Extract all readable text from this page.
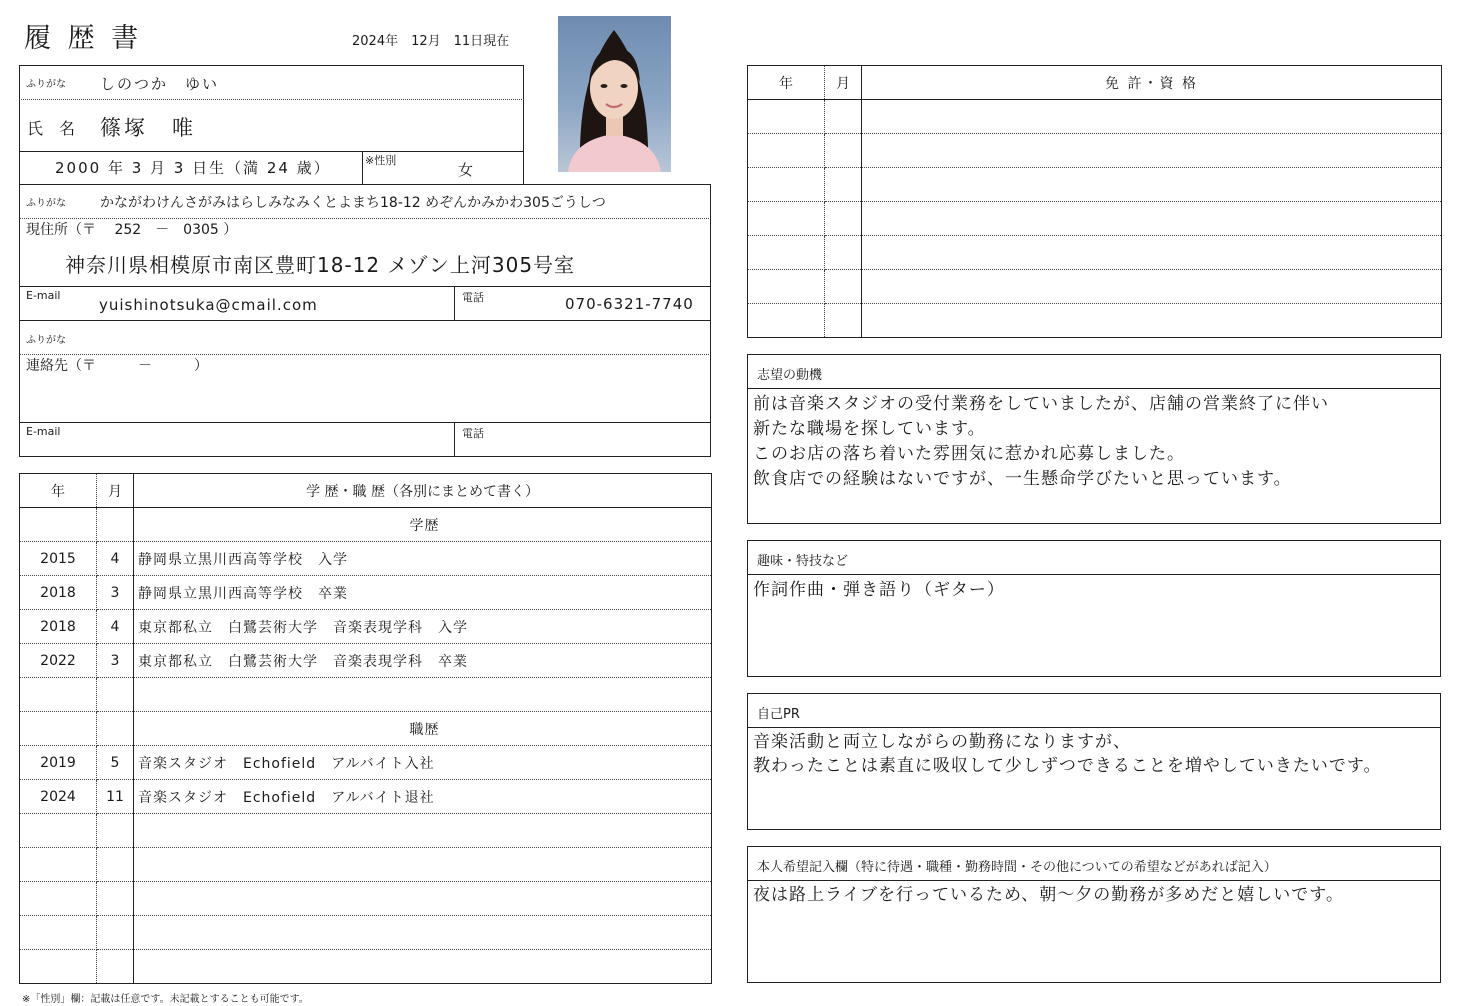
履 歴 書	2024年　12月　11日現在
ふりがな しのつか　ゆい
氏　名 篠塚　唯
2000 年 3 月 3 日生（満 24 歳）	※性別
女
ふりがな かながわけんさがみはらしみなみくとよまち18-12 めぞんかみかわ305ごうしつ
現住所（〒　 252　－　0305 ）
神奈川県相模原市南区豊町18-12 メゾン上河305号室
E-mail
yuishinotsuka@cmail.com	電話	070-6321-7740
ふりがな
連絡先（〒　　　－　　　）
E-mail	電話
年	月	学 歴・職 歴（各別にまとめて書く）
		学歴
2015	4	静岡県立黒川西高等学校　入学
2018	3	静岡県立黒川西高等学校　卒業
2018	4	東京都私立　白鷺芸術大学　音楽表現学科　入学
2022	3	東京都私立　白鷺芸術大学　音楽表現学科　卒業

		職歴
2019	5	音楽スタジオ　Echofield　アルバイト入社
2024	11	音楽スタジオ　Echofield　アルバイト退社

年	月	免 許・資 格

志望の動機
前は音楽スタジオの受付業務をしていましたが、店舗の営業終了に伴い
新たな職場を探しています。
このお店の落ち着いた雰囲気に惹かれ応募しました。
飲食店での経験はないですが、一生懸命学びたいと思っています。
趣味・特技など
作詞作曲・弾き語り（ギター）
自己PR
音楽活動と両立しながらの勤務になりますが、
教わったことは素直に吸収して少しずつできることを増やしていきたいです。
本人希望記入欄（特に待遇・職種・勤務時間・その他についての希望などがあれば記入）
夜は路上ライブを行っているため、朝～夕の勤務が多めだと嬉しいです。
※「性別」欄：記載は任意です。未記載とすることも可能です。
